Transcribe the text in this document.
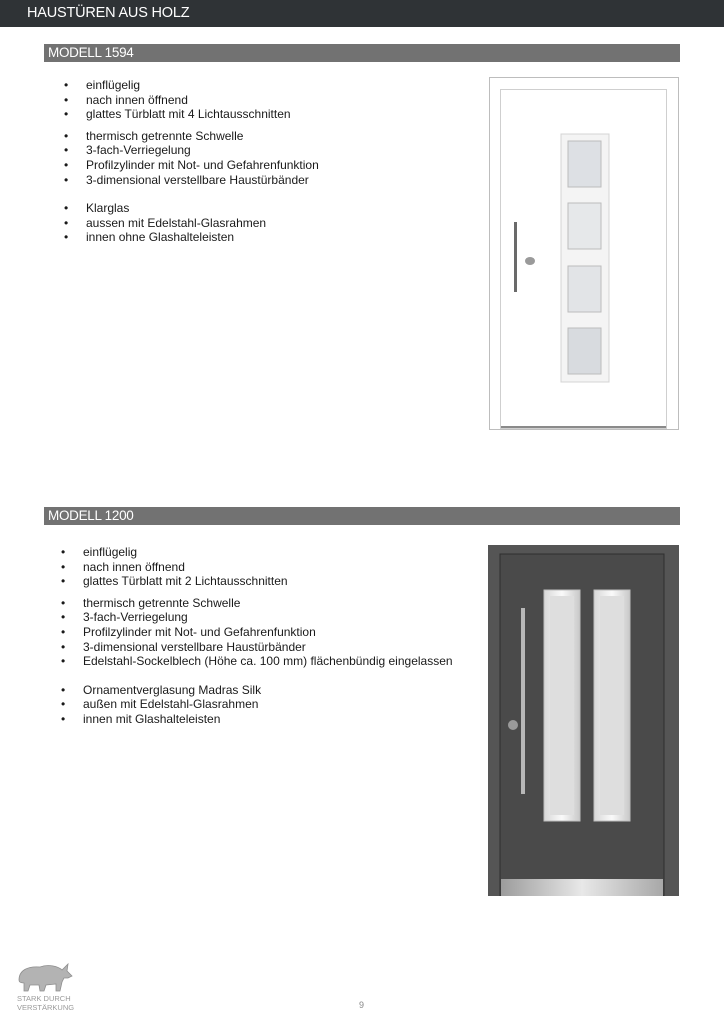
HAUSTÜREN AUS HOLZ
MODELL 1594
• einflügelig
• nach innen öffnend
• glattes Türblatt mit 4 Lichtausschnitten
• thermisch getrennte Schwelle
• 3-fach-Verriegelung
• Profilzylinder mit Not- und Gefahrenfunktion
• 3-dimensional verstellbare Haustürbänder
• Klarglas
• aussen mit Edelstahl-Glasrahmen
• innen ohne Glashalteleisten
MODELL 1200
• einflügelig
• nach innen öffnend
• glattes Türblatt mit 2 Lichtausschnitten
• thermisch getrennte Schwelle
• 3-fach-Verriegelung
• Profilzylinder mit Not- und Gefahrenfunktion
• 3-dimensional verstellbare Haustürbänder
• Edelstahl-Sockelblech (Höhe ca. 100 mm) flächenbündig eingelassen
• Ornamentverglasung Madras Silk
• außen mit Edelstahl-Glasrahmen
• innen mit Glashalteleisten
STARK DURCH
VERSTÄRKUNG	9
